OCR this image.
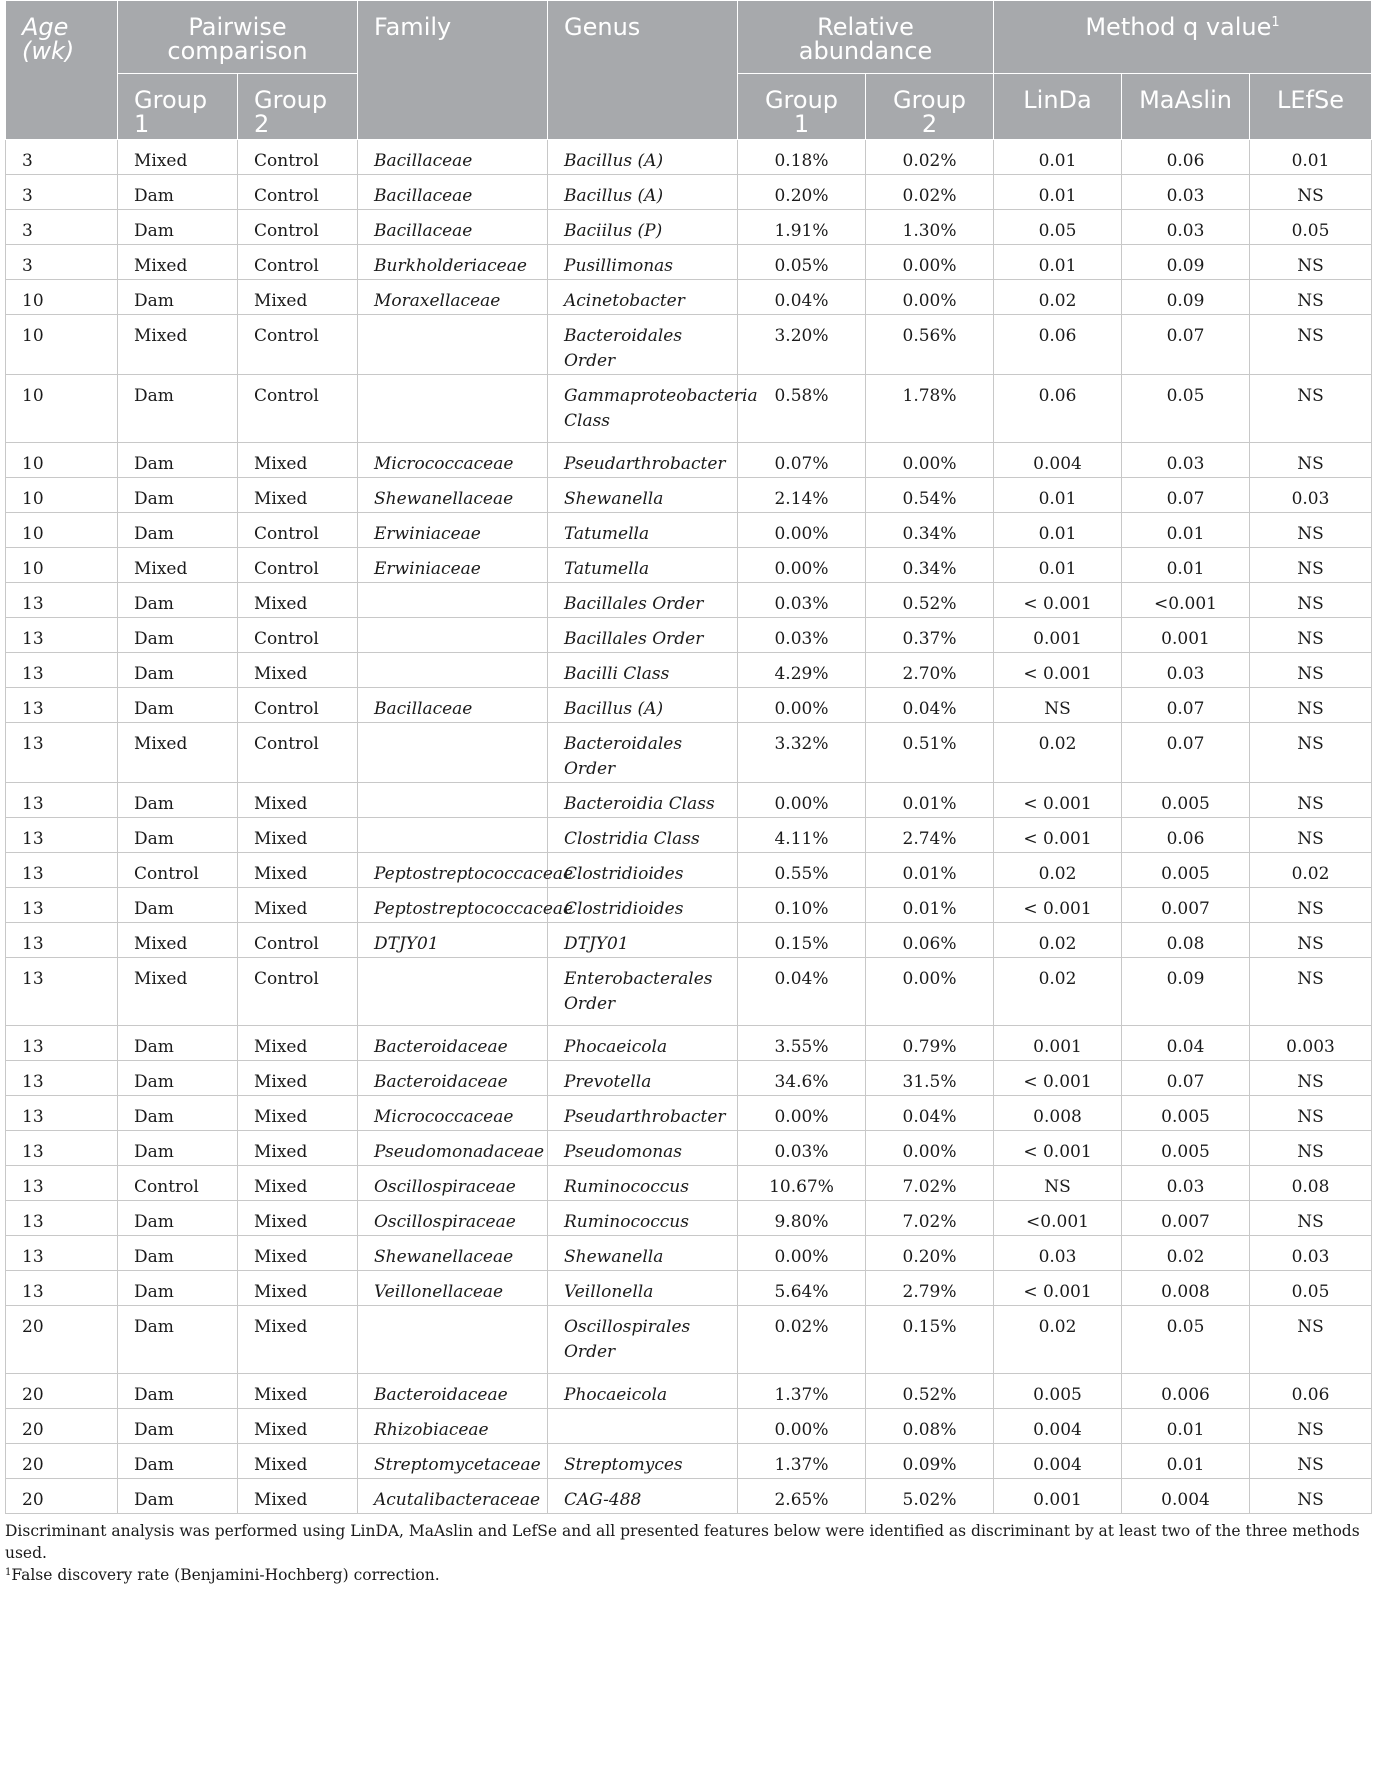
Age (wk)	Pairwise comparison		Family	Genus	Relative abundance		Method q value$^1$
	Group 1	Group 2			Group 1	Group 2	LinDa	MaAslin	LEfSe
3	Mixed	Control	Bacillaceae	Bacillus (A)	0.18%	0.02%	0.01	0.06	0.01
3	Dam	Control	Bacillaceae	Bacillus (A)	0.20%	0.02%	0.01	0.03	NS
3	Dam	Control	Bacillaceae	Baciilus (P)	1.91%	1.30%	0.05	0.03	0.05
3	Mixed	Control	Burkholderiaceae	Pusillimonas	0.05%	0.00%	0.01	0.09	NS
10	Dam	Mixed	Moraxellaceae	Acinetobacter	0.04%	0.00%	0.02	0.09	NS
10	Mixed	Control		Bacteroidales Order	3.20%	0.56%	0.06	0.07	NS
10	Dam	Control		Gammaproteobacteria Class	0.58%	1.78%	0.06	0.05	NS
10	Dam	Mixed	Micrococcaceae	Pseudarthrobacter	0.07%	0.00%	0.004	0.03	NS
10	Dam	Mixed	Shewanellaceae	Shewanella	2.14%	0.54%	0.01	0.07	0.03
10	Dam	Control	Erwiniaceae	Tatumella	0.00%	0.34%	0.01	0.01	NS
10	Mixed	Control	Erwiniaceae	Tatumella	0.00%	0.34%	0.01	0.01	NS
13	Dam	Mixed		Bacillales Order	0.03%	0.52%	< 0.001	<0.001	NS
13	Dam	Control		Bacillales Order	0.03%	0.37%	0.001	0.001	NS
13	Dam	Mixed		Bacilli Class	4.29%	2.70%	< 0.001	0.03	NS
13	Dam	Control	Bacillaceae	Bacillus (A)	0.00%	0.04%	NS	0.07	NS
13	Mixed	Control		Bacteroidales Order	3.32%	0.51%	0.02	0.07	NS
13	Dam	Mixed		Bacteroidia Class	0.00%	0.01%	< 0.001	0.005	NS
13	Dam	Mixed		Clostridia Class	4.11%	2.74%	< 0.001	0.06	NS
13	Control	Mixed	Peptostreptococcaceae	Clostridioides	0.55%	0.01%	0.02	0.005	0.02
13	Dam	Mixed	Peptostreptococcaceae	Clostridioides	0.10%	0.01%	< 0.001	0.007	NS
13	Mixed	Control	DTJY01	DTJY01	0.15%	0.06%	0.02	0.08	NS
13	Mixed	Control		Enterobacterales Order	0.04%	0.00%	0.02	0.09	NS
13	Dam	Mixed	Bacteroidaceae	Phocaeicola	3.55%	0.79%	0.001	0.04	0.003
13	Dam	Mixed	Bacteroidaceae	Prevotella	34.6%	31.5%	< 0.001	0.07	NS
13	Dam	Mixed	Micrococcaceae	Pseudarthrobacter	0.00%	0.04%	0.008	0.005	NS
13	Dam	Mixed	Pseudomonadaceae	Pseudomonas	0.03%	0.00%	< 0.001	0.005	NS
13	Control	Mixed	Oscillospiraceae	Ruminococcus	10.67%	7.02%	NS	0.03	0.08
13	Dam	Mixed	Oscillospiraceae	Ruminococcus	9.80%	7.02%	<0.001	0.007	NS
13	Dam	Mixed	Shewanellaceae	Shewanella	0.00%	0.20%	0.03	0.02	0.03
13	Dam	Mixed	Veillonellaceae	Veillonella	5.64%	2.79%	< 0.001	0.008	0.05
20	Dam	Mixed		Oscillospirales Order	0.02%	0.15%	0.02	0.05	NS
20	Dam	Mixed	Bacteroidaceae	Phocaeicola	1.37%	0.52%	0.005	0.006	0.06
20	Dam	Mixed	Rhizobiaceae		0.00%	0.08%	0.004	0.01	NS
20	Dam	Mixed	Streptomycetaceae	Streptomyces	1.37%	0.09%	0.004	0.01	NS
20	Dam	Mixed	Acutalibacteraceae	CAG-488	2.65%	5.02%	0.001	0.004	NS
Discriminant analysis was performed using LinDA, MaAslin and LefSe and all presented features below were identified as discriminant by at least two of the three methods used.
$^1$False discovery rate (Benjamini-Hochberg) correction.
